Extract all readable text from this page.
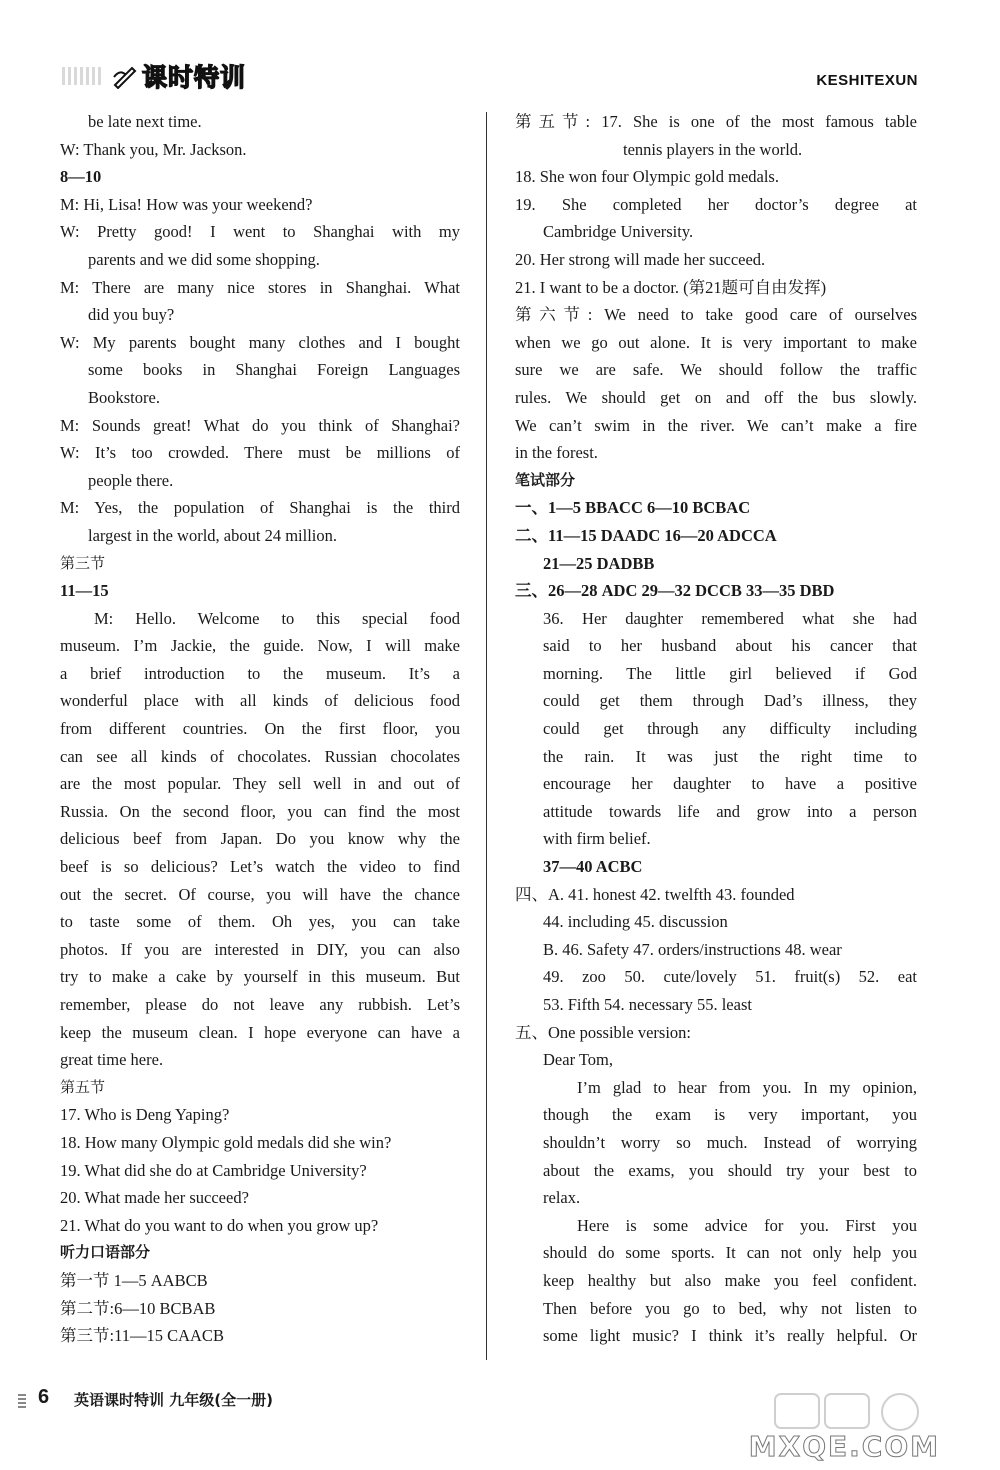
课时特训	KESHITEXUN

be late next time.

W: Thank you, Mr. Jackson.

8—10

M: Hi, Lisa! How was your weekend?

W: Pretty good! I went to Shanghai with my

parents and we did some shopping.

M: There are many nice stores in Shanghai. What

did you buy?

W: My parents bought many clothes and I bought

some books in Shanghai Foreign Languages

Bookstore.

M: Sounds great! What do you think of Shanghai?

W: It’s too crowded. There must be millions of

people there.

M: Yes, the population of Shanghai is the third

largest in the world, about 24 million.

第三节

11—15

M: Hello. Welcome to this special food

museum. I’m Jackie, the guide. Now, I will make

a brief introduction to the museum. It’s a

wonderful place with all kinds of delicious food

from different countries. On the first floor, you

can see all kinds of chocolates. Russian chocolates

are the most popular. They sell well in and out of

Russia. On the second floor, you can find the most

delicious beef from Japan. Do you know why the

beef is so delicious? Let’s watch the video to find

out the secret. Of course, you will have the chance

to taste some of them. Oh yes, you can take

photos. If you are interested in DIY, you can also

try to make a cake by yourself in this museum. But

remember, please do not leave any rubbish. Let’s

keep the museum clean. I hope everyone can have a

great time here.

第五节

17. Who is Deng Yaping?

18. How many Olympic gold medals did she win?

19. What did she do at Cambridge University?

20. What made her succeed?

21. What do you want to do when you grow up?

听力口语部分

第一节 1—5 AABCB

第二节:6—10 BCBAB

第三节:11—15 CAACB

第五节: 17. She is one of the most famous table

tennis players in the world.

18. She won four Olympic gold medals.

19. She completed her doctor’s degree at

Cambridge University.

20. Her strong will made her succeed.

21. I want to be a doctor. (第21题可自由发挥)

第六节: We need to take good care of ourselves

when we go out alone. It is very important to make

sure we are safe. We should follow the traffic

rules. We should get on and off the bus slowly.

We can’t swim in the river. We can’t make a fire

in the forest.

笔试部分

一、1—5 BBACC 6—10 BCBAC

二、11—15 DAADC 16—20 ADCCA

21—25 DADBB

三、26—28 ADC 29—32 DCCB 33—35 DBD

36. Her daughter remembered what she had

said to her husband about his cancer that

morning. The little girl believed if God

could get them through Dad’s illness, they

could get through any difficulty including

the rain. It was just the right time to

encourage her daughter to have a positive

attitude towards life and grow into a person

with firm belief.

37—40 ACBC

四、A. 41. honest 42. twelfth 43. founded

44. including 45. discussion

B. 46. Safety 47. orders/instructions 48. wear

49. zoo 50. cute/lovely 51. fruit(s) 52. eat

53. Fifth 54. necessary 55. least

五、One possible version:

Dear Tom,

I’m glad to hear from you. In my opinion,

though the exam is very important, you

shouldn’t worry so much. Instead of worrying

about the exams, you should try your best to

relax.

Here is some advice for you. First you

should do some sports. It can not only help you

keep healthy but also make you feel confident.

Then before you go to bed, why not listen to

some light music? I think it’s really helpful. Or

6 英语课时特训 九年级(全一册)
MXQE.COM
